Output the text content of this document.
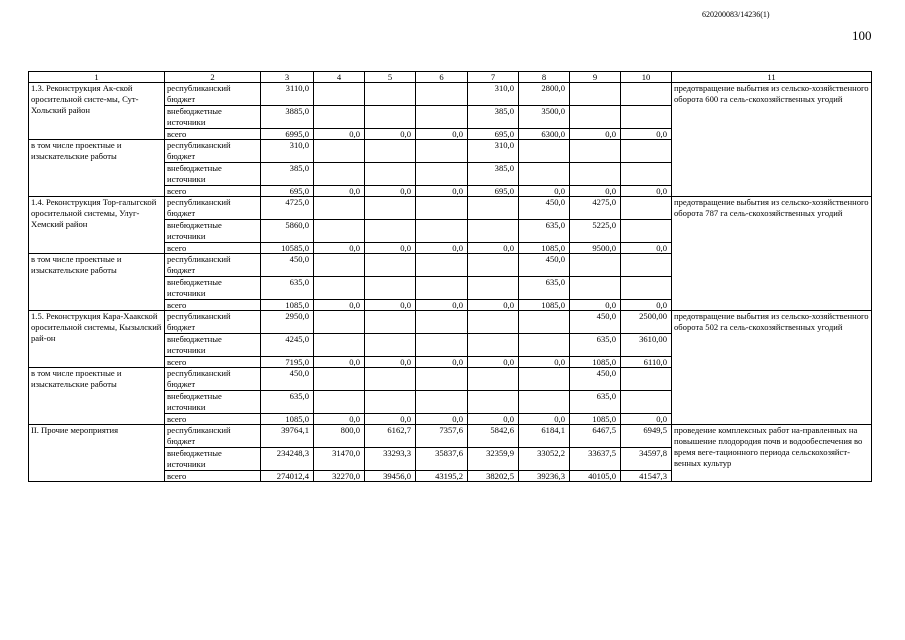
620200083/14236(1)
100
1	2	3	4	5	6	7	8	9	10	11
1.3. Реконструкция Ак-ской оросительной систе-мы, Сут-Хольский район	республиканский бюджет	3110,0				310,0	2800,0			предотвращение выбытия из сельско-хозяйственного оборота 600 га сель-скохозяйственных угодий
	внебюджетные источники	3885,0				385,0	3500,0			
	всего	6995,0	0,0	0,0	0,0	695,0	6300,0	0,0	0,0	
в том числе проектные и изыскательские работы	республиканский бюджет	310,0				310,0				
	внебюджетные источники	385,0				385,0				
	всего	695,0	0,0	0,0	0,0	695,0	0,0	0,0	0,0	
1.4. Реконструкция Тор-галыгской оросительной системы, Улуг-Хемский район	республиканский бюджет	4725,0					450,0	4275,0		предотвращение выбытия из сельско-хозяйственного оборота 787 га сель-скохозяйственных угодий
	внебюджетные источники	5860,0					635,0	5225,0		
	всего	10585,0	0,0	0,0	0,0	0,0	1085,0	9500,0	0,0	
в том числе проектные и изыскательские работы	республиканский бюджет	450,0					450,0			
	внебюджетные источники	635,0					635,0			
	всего	1085,0	0,0	0,0	0,0	0,0	1085,0	0,0	0,0	
1.5. Реконструкция Кара-Хаакской оросительной системы, Кызылский рай-он	республиканский бюджет	2950,0						450,0	2500,00	предотвращение выбытия из сельско-хозяйственного оборота 502 га сель-скохозяйственных угодий
	внебюджетные источники	4245,0						635,0	3610,00	
	всего	7195,0	0,0	0,0	0,0	0,0	0,0	1085,0	6110,0	
в том числе проектные и изыскательские работы	республиканский бюджет	450,0						450,0		
	внебюджетные источники	635,0						635,0		
	всего	1085,0	0,0	0,0	0,0	0,0	0,0	1085,0	0,0	
II. Прочие мероприятия	республиканский бюджет	39764,1	800,0	6162,7	7357,6	5842,6	6184,1	6467,5	6949,5	проведение комплексных работ на-правленных на повышение плодородия почв и водообеспечения во время веге-тационного периода сельскохозяйст-венных культур
	внебюджетные источники	234248,3	31470,0	33293,3	35837,6	32359,9	33052,2	33637,5	34597,8	
	всего	274012,4	32270,0	39456,0	43195,2	38202,5	39236,3	40105,0	41547,3	
